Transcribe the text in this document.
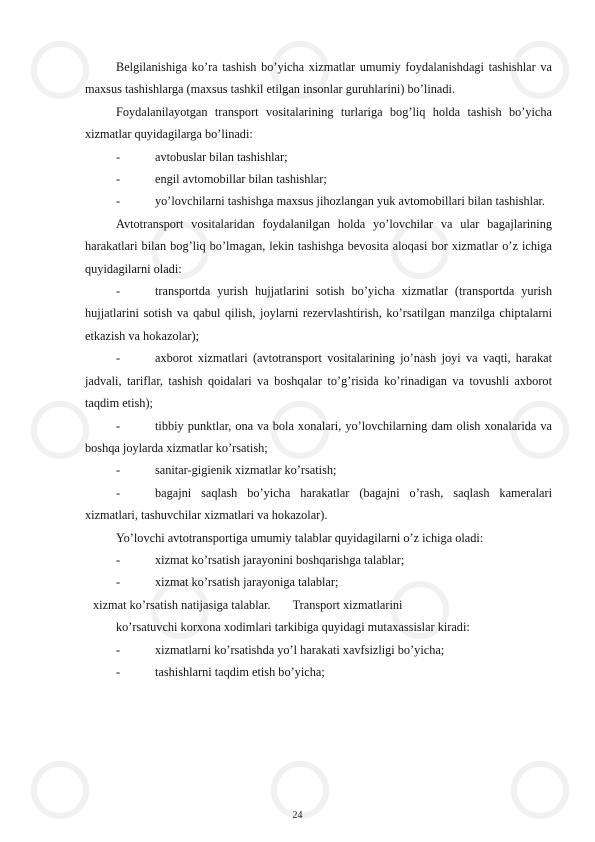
Belgilanishiga ko’ra tashish bo’yicha xizmatlar umumiy foydalanishdagi tashishlar va maxsus tashishlarga (maxsus tashkil etilgan insonlar guruhlarini) bo’linadi.

Foydalanilayotgan transport vositalarining turlariga bog’liq holda tashish bo’yicha xizmatlar quyidagilarga bo’linadi:

-	avtobuslar bilan tashishlar;

-	engil avtomobillar bilan tashishlar;

-	yo’lovchilarni tashishga maxsus jihozlangan yuk avtomobillari bilan tashishlar.

Avtotransport vositalaridan foydalanilgan holda yo’lovchilar va ular bagajlarining harakatlari bilan bog’liq bo’lmagan, lekin tashishga bevosita aloqasi bor xizmatlar o’z ichiga quyidagilarni oladi:

-	transportda yurish hujjatlarini sotish bo’yicha xizmatlar (transportda yurish hujjatlarini sotish va qabul qilish, joylarni rezervlashtirish, ko’rsatilgan manzilga chiptalarni etkazish va hokazolar);

-	axborot xizmatlari (avtotransport vositalarining jo’nash joyi va vaqti, harakat jadvali, tariflar, tashish qoidalari va boshqalar to’g’risida ko’rinadigan va tovushli axborot taqdim etish);

-	tibbiy punktlar, ona va bola xonalari, yo’lovchilarning dam olish xonalarida va boshqa joylarda xizmatlar ko’rsatish;

-	sanitar-gigienik xizmatlar ko’rsatish;

-	bagajni saqlash bo’yicha harakatlar (bagajni o’rash, saqlash kameralari xizmatlari, tashuvchilar xizmatlari va hokazolar).

Yo’lovchi avtotransportiga umumiy talablar quyidagilarni o’z ichiga oladi:

-	xizmat ko’rsatish jarayonini boshqarishga talablar;

-	xizmat ko’rsatish jarayoniga talablar;

xizmat ko’rsatish natijasiga talablar. Transport xizmatlarini

ko’rsatuvchi korxona xodimlari tarkibiga quyidagi mutaxassislar kiradi:

-	xizmatlarni ko’rsatishda yo’l harakati xavfsizligi bo’yicha;

-	tashishlarni taqdim etish bo’yicha;

24
